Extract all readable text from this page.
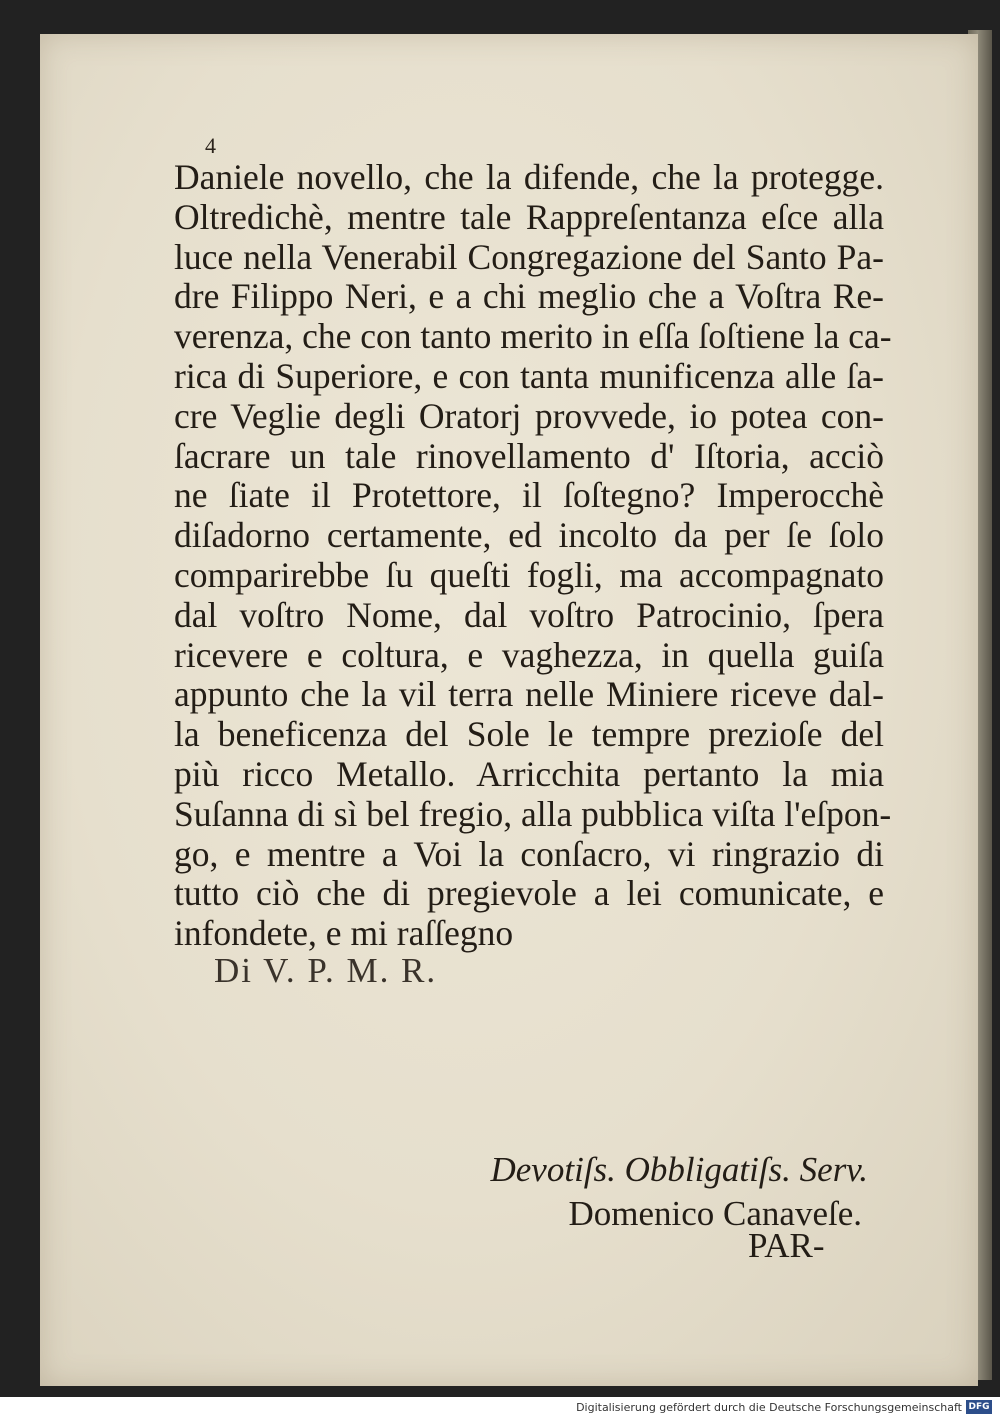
4
Daniele novello, che la difende, che la protegge.
Oltredichè, mentre tale Rappreſentanza eſce alla
luce nella Venerabil Congregazione del Santo Pa-
dre Filippo Neri, e a chi meglio che a Voſtra Re-
verenza, che con tanto merito in eſſa ſoſtiene la ca-
rica di Superiore, e con tanta munificenza alle ſa-
cre Veglie degli Oratorj provvede, io potea con-
ſacrare un tale rinovellamento d' Iſtoria, acciò
ne ſiate il Protettore, il ſoſtegno? Imperocchè
diſadorno certamente, ed incolto da per ſe ſolo
comparirebbe ſu queſti fogli, ma accompagnato
dal voſtro Nome, dal voſtro Patrocinio, ſpera
ricevere e coltura, e vaghezza, in quella guiſa
appunto che la vil terra nelle Miniere riceve dal-
la beneficenza del Sole le tempre prezioſe del
più ricco Metallo. Arricchita pertanto la mia
Suſanna di sì bel fregio, alla pubblica viſta l'eſpon-
go, e mentre a Voi la conſacro, vi ringrazio di
tutto ciò che di pregievole a lei comunicate, e
infondete, e mi raſſegno
Di V. P. M. R.
Devotiſs. Obbligatiſs. Serv.
Domenico Canaveſe.
PAR-
Digitalisierung gefördert durch die Deutsche Forschungsgemeinschaft DFG
